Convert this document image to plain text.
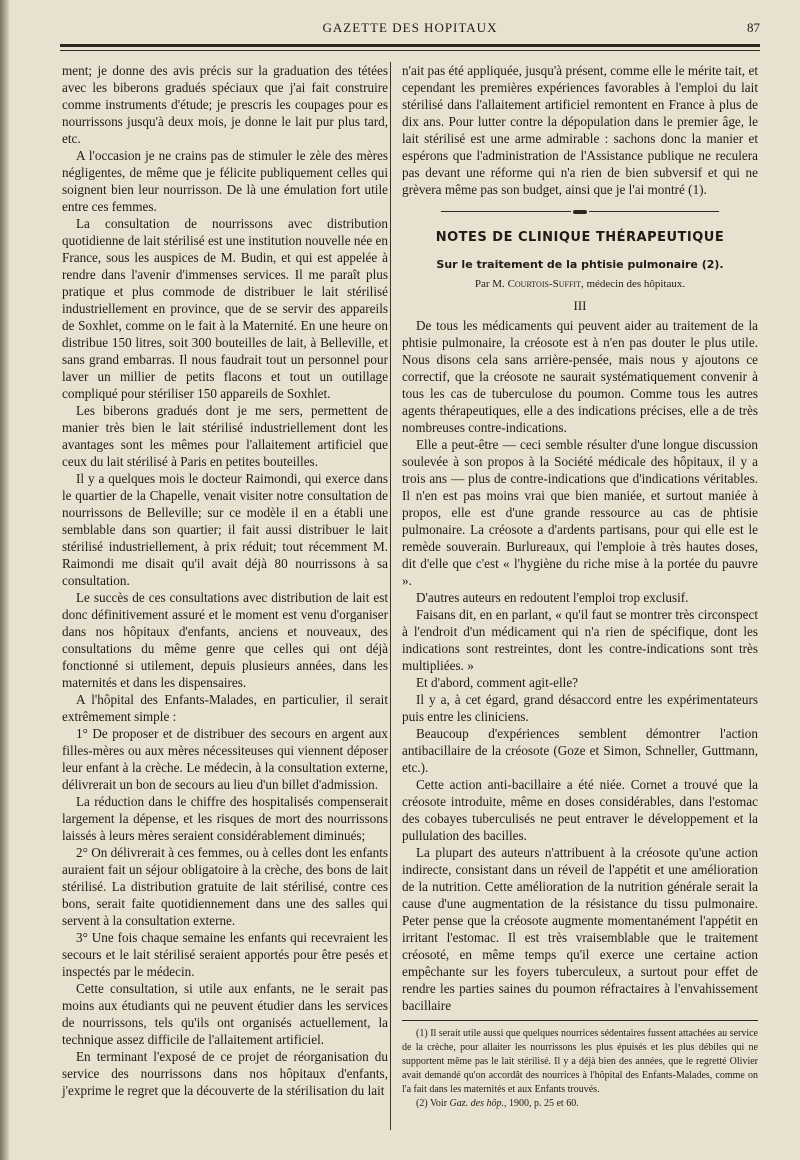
GAZETTE DES HOPITAUX	87

ment; je donne des avis précis sur la graduation des tétées avec les biberons gradués spéciaux que j'ai fait construire comme instruments d'étude; je prescris les coupages pour es nourrissons jusqu'à deux mois, je donne le lait pur plus tard, etc.

A l'occasion je ne crains pas de stimuler le zèle des mères négligentes, de même que je félicite publiquement celles qui soignent bien leur nourrisson. De là une émulation fort utile entre ces femmes.

La consultation de nourrissons avec distribution quotidienne de lait stérilisé est une institution nouvelle née en France, sous les auspices de M. Budin, et qui est appelée à rendre dans l'avenir d'immenses services. Il me paraît plus pratique et plus commode de distribuer le lait stérilisé industriellement en province, que de se servir des appareils de Soxhlet, comme on le fait à la Maternité. En une heure on distribue 150 litres, soit 300 bouteilles de lait, à Belleville, et sans grand embarras. Il nous faudrait tout un personnel pour laver un millier de petits flacons et tout un outillage compliqué pour stériliser 150 appareils de Soxhlet.

Les biberons gradués dont je me sers, permettent de manier très bien le lait stérilisé industriellement dont les avantages sont les mêmes pour l'allaitement artificiel que ceux du lait stérilisé à Paris en petites bouteilles.

Il y a quelques mois le docteur Raimondi, qui exerce dans le quartier de la Chapelle, venait visiter notre consultation de nourrissons de Belleville; sur ce modèle il en a établi une semblable dans son quartier; il fait aussi distribuer le lait stérilisé industriellement, à prix réduit; tout récemment M. Raimondi me disait qu'il avait déjà 80 nourrissons à sa consultation.

Le succès de ces consultations avec distribution de lait est donc définitivement assuré et le moment est venu d'organiser dans nos hôpitaux d'enfants, anciens et nouveaux, des consultations du même genre que celles qui ont déjà fonctionné si utilement, depuis plusieurs années, dans les maternités et dans les dispensaires.

A l'hôpital des Enfants-Malades, en particulier, il serait extrêmement simple :

1° De proposer et de distribuer des secours en argent aux filles-mères ou aux mères nécessiteuses qui viennent déposer leur enfant à la crèche. Le médecin, à la consultation externe, délivrerait un bon de secours au lieu d'un billet d'admission.

La réduction dans le chiffre des hospitalisés compenserait largement la dépense, et les risques de mort des nourrissons laissés à leurs mères seraient considérablement diminués;

2° On délivrerait à ces femmes, ou à celles dont les enfants auraient fait un séjour obligatoire à la crèche, des bons de lait stérilisé. La distribution gratuite de lait stérilisé, contre ces bons, serait faite quotidiennement dans une des salles qui servent à la consultation externe.

3° Une fois chaque semaine les enfants qui recevraient les secours et le lait stérilisé seraient apportés pour être pesés et inspectés par le médecin.

Cette consultation, si utile aux enfants, ne le serait pas moins aux étudiants qui ne peuvent étudier dans les services de nourrissons, tels qu'ils ont organisés actuellement, la technique assez difficile de l'allaitement artificiel.

En terminant l'exposé de ce projet de réorganisation du service des nourrissons dans nos hôpitaux d'enfants, j'exprime le regret que la découverte de la stérilisation du lait

n'ait pas été appliquée, jusqu'à présent, comme elle le mérite tait, et cependant les premières expériences favorables à l'emploi du lait stérilisé dans l'allaitement artificiel remontent en France à plus de dix ans. Pour lutter contre la dépopulation dans le premier âge, le lait stérilisé est une arme admirable : sachons donc la manier et espérons que l'administration de l'Assistance publique ne reculera pas devant une réforme qui n'a rien de bien subversif et qui ne grèvera même pas son budget, ainsi que je l'ai montré (1).

NOTES DE CLINIQUE THÉRAPEUTIQUE
Sur le traitement de la phtisie pulmonaire (2).
Par M. Courtois-Suffit, médecin des hôpitaux.
III

De tous les médicaments qui peuvent aider au traitement de la phtisie pulmonaire, la créosote est à n'en pas douter le plus utile. Nous disons cela sans arrière-pensée, mais nous y ajoutons ce correctif, que la créosote ne saurait systématiquement convenir à tous les cas de tuberculose du poumon. Comme tous les autres agents thérapeutiques, elle a des indications précises, elle a de très nombreuses contre-indications.

Elle a peut-être — ceci semble résulter d'une longue discussion soulevée à son propos à la Société médicale des hôpitaux, il y a trois ans — plus de contre-indications que d'indications véritables. Il n'en est pas moins vrai que bien maniée, et surtout maniée à propos, elle est d'une grande ressource au cas de phtisie pulmonaire. La créosote a d'ardents partisans, pour qui elle est le remède souverain. Burlureaux, qui l'emploie à très hautes doses, dit d'elle que c'est « l'hygiène du riche mise à la portée du pauvre ».

D'autres auteurs en redoutent l'emploi trop exclusif.

Faisans dit, en en parlant, « qu'il faut se montrer très circonspect à l'endroit d'un médicament qui n'a rien de spécifique, dont les indications sont restreintes, dont les contre-indications sont très multipliées. »

Et d'abord, comment agit-elle?

Il y a, à cet égard, grand désaccord entre les expérimentateurs puis entre les cliniciens.

Beaucoup d'expériences semblent démontrer l'action antibacillaire de la créosote (Goze et Simon, Schneller, Guttmann, etc.).

Cette action anti-bacillaire a été niée. Cornet a trouvé que la créosote introduite, même en doses considérables, dans l'estomac des cobayes tuberculisés ne peut entraver le développement et la pullulation des bacilles.

La plupart des auteurs n'attribuent à la créosote qu'une action indirecte, consistant dans un réveil de l'appétit et une amélioration de la nutrition. Cette amélioration de la nutrition générale serait la cause d'une augmentation de la résistance du tissu pulmonaire. Peter pense que la créosote augmente momentanément l'appétit en irritant l'estomac. Il est très vraisemblable que le traitement créosoté, en même temps qu'il exerce une certaine action empêchante sur les foyers tuberculeux, a surtout pour effet de rendre les parties saines du poumon réfractaires à l'envahissement bacillaire

(1) Il serait utile aussi que quelques nourrices sédentaires fussent attachées au service de la crèche, pour allaiter les nourrissons les plus épuisés et les plus débiles qui ne supportent même pas le lait stérilisé. Il y a déjà bien des années, que le regretté Olivier avait demandé qu'on accordât des nourrices à l'hôpital des Enfants-Malades, comme on l'a fait dans les maternités et aux Enfants trouvés.

(2) Voir Gaz. des hôp., 1900, p. 25 et 60.
